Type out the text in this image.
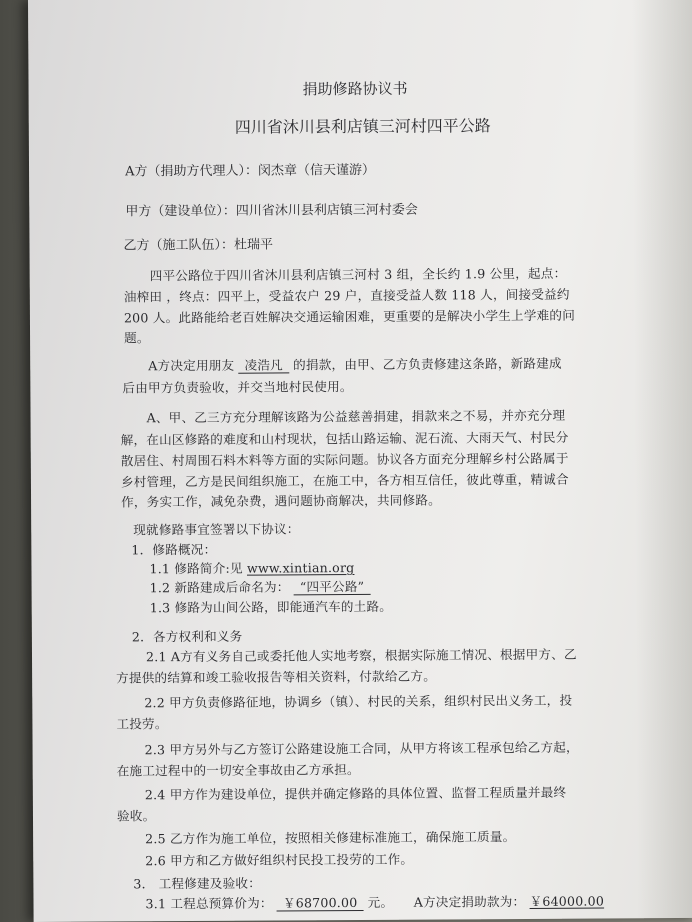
捐助修路协议书
四川省沐川县利店镇三河村四平公路
A方（捐助方代理人）：闵杰章（信天谨游）
甲方（建设单位）：四川省沐川县利店镇三河村委会
乙方（施工队伍）：杜瑞平
四平公路位于四川省沐川县利店镇三河村 3 组，全长约 1.9 公里，起点：
油榨田 ，终点：四平上，受益农户 29 户，直接受益人数 118 人，间接受益约
200 人。此路能给老百姓解决交通运输困难，更重要的是解决小学生上学难的问
题。
A方决定用朋友 凌浩凡 的捐款，由甲、乙方负责修建这条路，新路建成
后由甲方负责验收，并交当地村民使用。
A、甲、乙三方充分理解该路为公益慈善捐建，捐款来之不易，并亦充分理
解，在山区修路的难度和山村现状，包括山路运输、泥石流、大雨天气、村民分
散居住、村周围石料木料等方面的实际问题。协议各方面充分理解乡村公路属于
乡村管理，乙方是民间组织施工，在施工中，各方相互信任，彼此尊重，精诚合
作，务实工作，减免杂费，遇问题协商解决，共同修路。
现就修路事宜签署以下协议：
1．修路概况：
1.1 修路简介:见 www.xintian.org
1.2 新路建成后命名为： “四平公路”
1.3 修路为山间公路，即能通汽车的土路。
2．各方权利和义务
2.1 A方有义务自己或委托他人实地考察，根据实际施工情况、根据甲方、乙
方提供的结算和竣工验收报告等相关资料，付款给乙方。
2.2 甲方负责修路征地，协调乡（镇）、村民的关系，组织村民出义务工，投
工投劳。
2.3 甲方另外与乙方签订公路建设施工合同，从甲方将该工程承包给乙方起，
在施工过程中的一切安全事故由乙方承担。
2.4 甲方作为建设单位，提供并确定修路的具体位置、监督工程质量并最终
验收。
2.5 乙方作为施工单位，按照相关修建标准施工，确保施工质量。
2.6 甲方和乙方做好组织村民投工投劳的工作。
3． 工程修建及验收：
3.1 工程总预算价为： ￥68700.00 元。 A方决定捐助款为： ￥64000.00
